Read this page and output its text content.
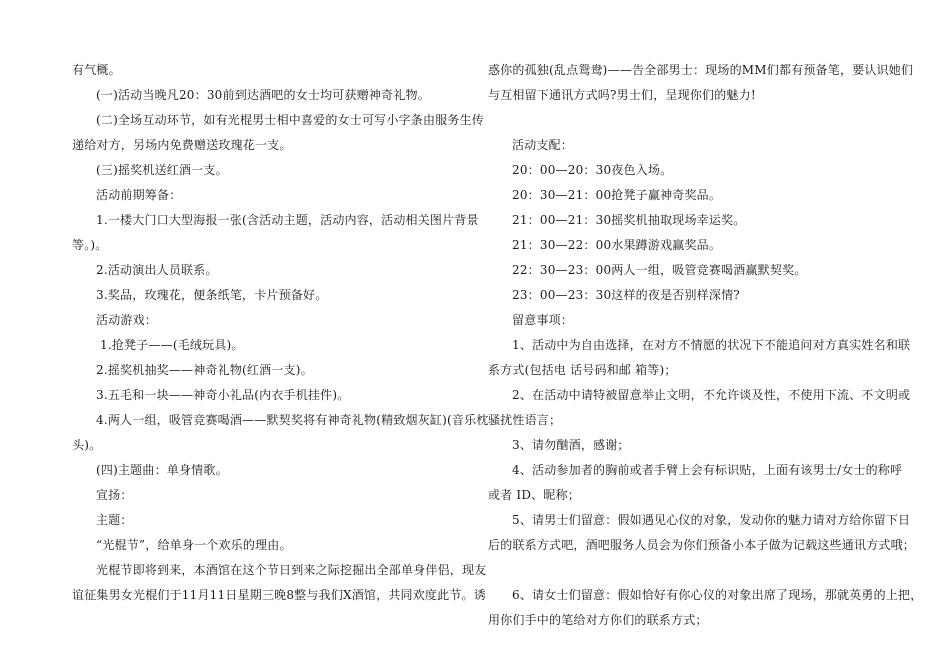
有气概。
(一)活动当晚凡20：30前到达酒吧的女士均可获赠神奇礼物。
(二)全场互动环节，如有光棍男士相中喜爱的女士可写小字条由服务生传
递给对方，另场内免费赠送玫瑰花一支。
(三)摇奖机送红酒一支。
活动前期筹备：
1.一楼大门口大型海报一张(含活动主题，活动内容，活动相关图片背景
等。)。
2.活动演出人员联系。
3.奖品，玫瑰花，便条纸笔，卡片预备好。
活动游戏：
1.抢凳子——(毛绒玩具)。
2.摇奖机抽奖——神奇礼物(红酒一支)。
3.五毛和一块——神奇小礼品(内衣手机挂件)。
4.两人一组，吸管竞赛喝酒——默契奖将有神奇礼物(精致烟灰缸)(音乐枕
头)。
(四)主题曲：单身情歌。
宣扬：
主题：
“光棍节”，给单身一个欢乐的理由。
光棍节即将到来，本酒馆在这个节日到来之际挖掘出全部单身伴侣，现友
谊征集男女光棍们于11月11日星期三晚8整与我们X酒馆，共同欢度此节。诱
惑你的孤独(乱点鸳鸯)——告全部男士：现场的MM们都有预备笔，要认识她们
与互相留下通讯方式吗?男士们，呈现你们的魅力!
活动支配：
20：00—20：30夜色入场。
20：30—21：00抢凳子赢神奇奖品。
21：00—21：30摇奖机抽取现场幸运奖。
21：30—22：00水果蹲游戏赢奖品。
22：30—23：00两人一组，吸管竞赛喝酒赢默契奖。
23：00—23：30这样的夜是否别样深情?
留意事项：
1、活动中为自由选择，在对方不情愿的状况下不能追问对方真实姓名和联
系方式(包括电 话号码和邮 箱等)；
2、在活动中请特被留意举止文明，不允许谈及性，不使用下流、不文明或
骚扰性语言；
3、请勿酗酒，感谢；
4、活动参加者的胸前或者手臂上会有标识贴，上面有该男士/女士的称呼
或者 ID、昵称；
5、请男士们留意：假如遇见心仪的对象，发动你的魅力请对方给你留下日
后的联系方式吧，酒吧服务人员会为你们预备小本子做为记载这些通讯方式哦；
6、请女士们留意：假如恰好有你心仪的对象出席了现场，那就英勇的上把，
用你们手中的笔给对方你们的联系方式；
